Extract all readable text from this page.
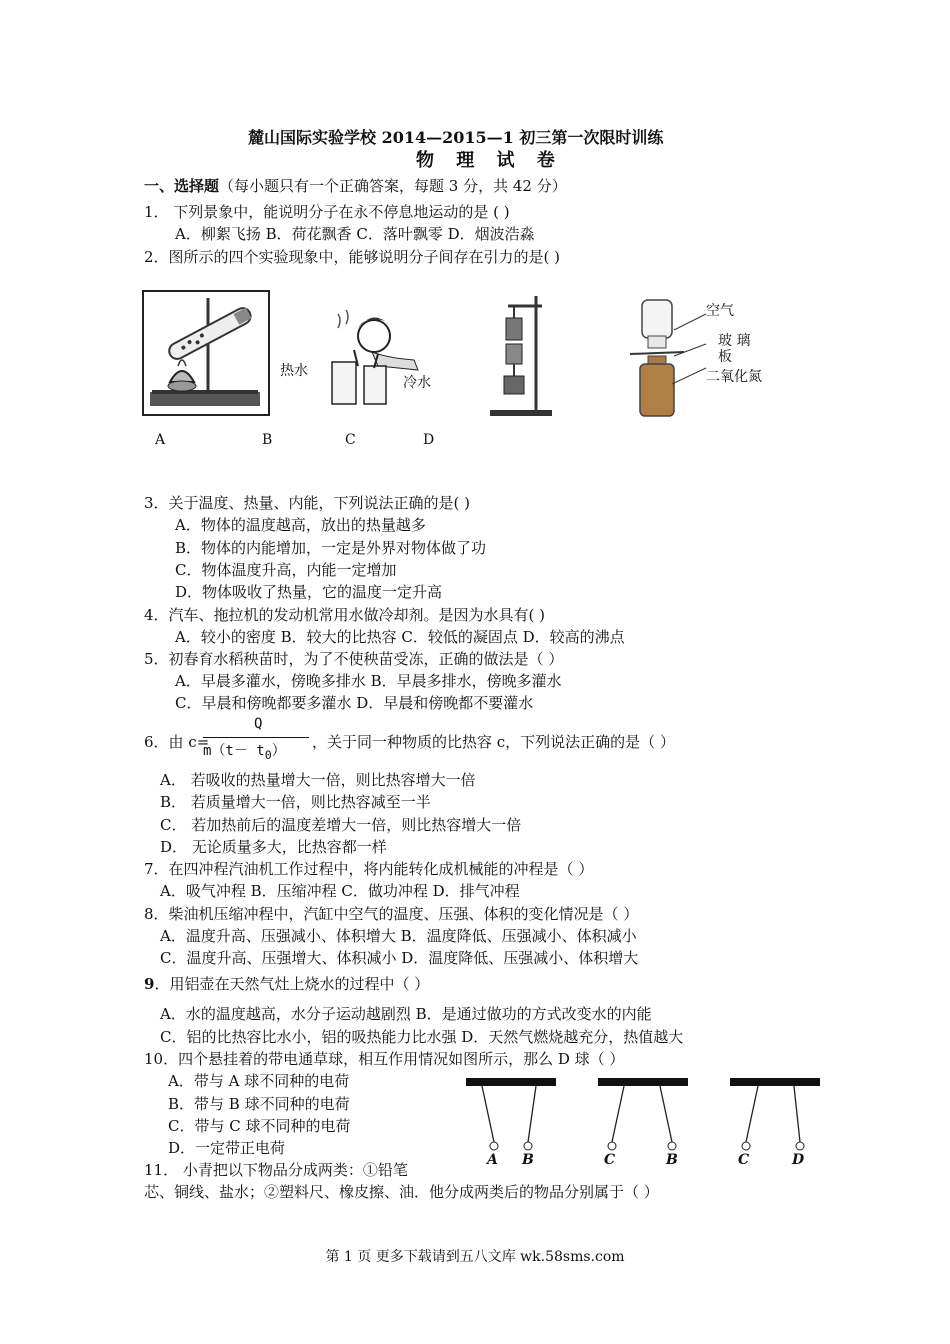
麓山国际实验学校 2014—2015—1 初三第一次限时训练
物 理 试 卷
一、选择题（每小题只有一个正确答案，每题 3 分，共 42 分）
1． 下列景象中，能说明分子在永不停息地运动的是 ( )
A．柳絮飞扬 B．荷花飘香 C．落叶飘零 D．烟波浩淼
2．图所示的四个实验现象中，能够说明分子间存在引力的是( )
热水
冷水
空气
玻 璃
板
二氧化氮
A	B	C	D
3．关于温度、热量、内能，下列说法正确的是( )
A．物体的温度越高，放出的热量越多
B．物体的内能增加，一定是外界对物体做了功
C．物体温度升高，内能一定增加
D．物体吸收了热量，它的温度一定升高
4．汽车、拖拉机的发动机常用水做冷却剂。是因为水具有( )
A．较小的密度 B．较大的比热容 C．较低的凝固点 D．较高的沸点
5．初春育水稻秧苗时，为了不使秧苗受冻，正确的做法是（ ）
A．早晨多灌水，傍晚多排水 B．早晨多排水，傍晚多灌水
C．早晨和傍晚都要多灌水 D．早晨和傍晚都不要灌水
6．由 c=
Q
$m(t- t_0)$ ，关于同一种物质的比热容 c，下列说法正确的是（ ）
A． 若吸收的热量增大一倍，则比热容增大一倍
B． 若质量增大一倍，则比热容减至一半
C． 若加热前后的温度差增大一倍，则比热容增大一倍
D． 无论质量多大，比热容都一样
7．在四冲程汽油机工作过程中，将内能转化成机械能的冲程是（ ）
A．吸气冲程 B．压缩冲程 C．做功冲程 D．排气冲程
8．柴油机压缩冲程中，汽缸中空气的温度、压强、体积的变化情况是（ ）
A．温度升高、压强减小、体积增大 B．温度降低、压强减小、体积减小
C．温度升高、压强增大、体积减小 D．温度降低、压强减小、体积增大
9．用铝壶在天然气灶上烧水的过程中（ ）
A．水的温度越高，水分子运动越剧烈 B．是通过做功的方式改变水的内能
C．铝的比热容比水小，铝的吸热能力比水强 D．天然气燃烧越充分，热值越大
10．四个悬挂着的带电通草球，相互作用情况如图所示，那么 D 球（ ）
A．带与 A 球不同种的电荷
B．带与 B 球不同种的电荷
C．带与 C 球不同种的电荷
D．一定带正电荷
A B	C	B	C	D
11． 小青把以下物品分成两类：①铅笔
芯、铜线、盐水；②塑料尺、橡皮擦、油．他分成两类后的物品分别属于（ ）
第 1 页 更多下载请到五八文库 wk.58sms.com
